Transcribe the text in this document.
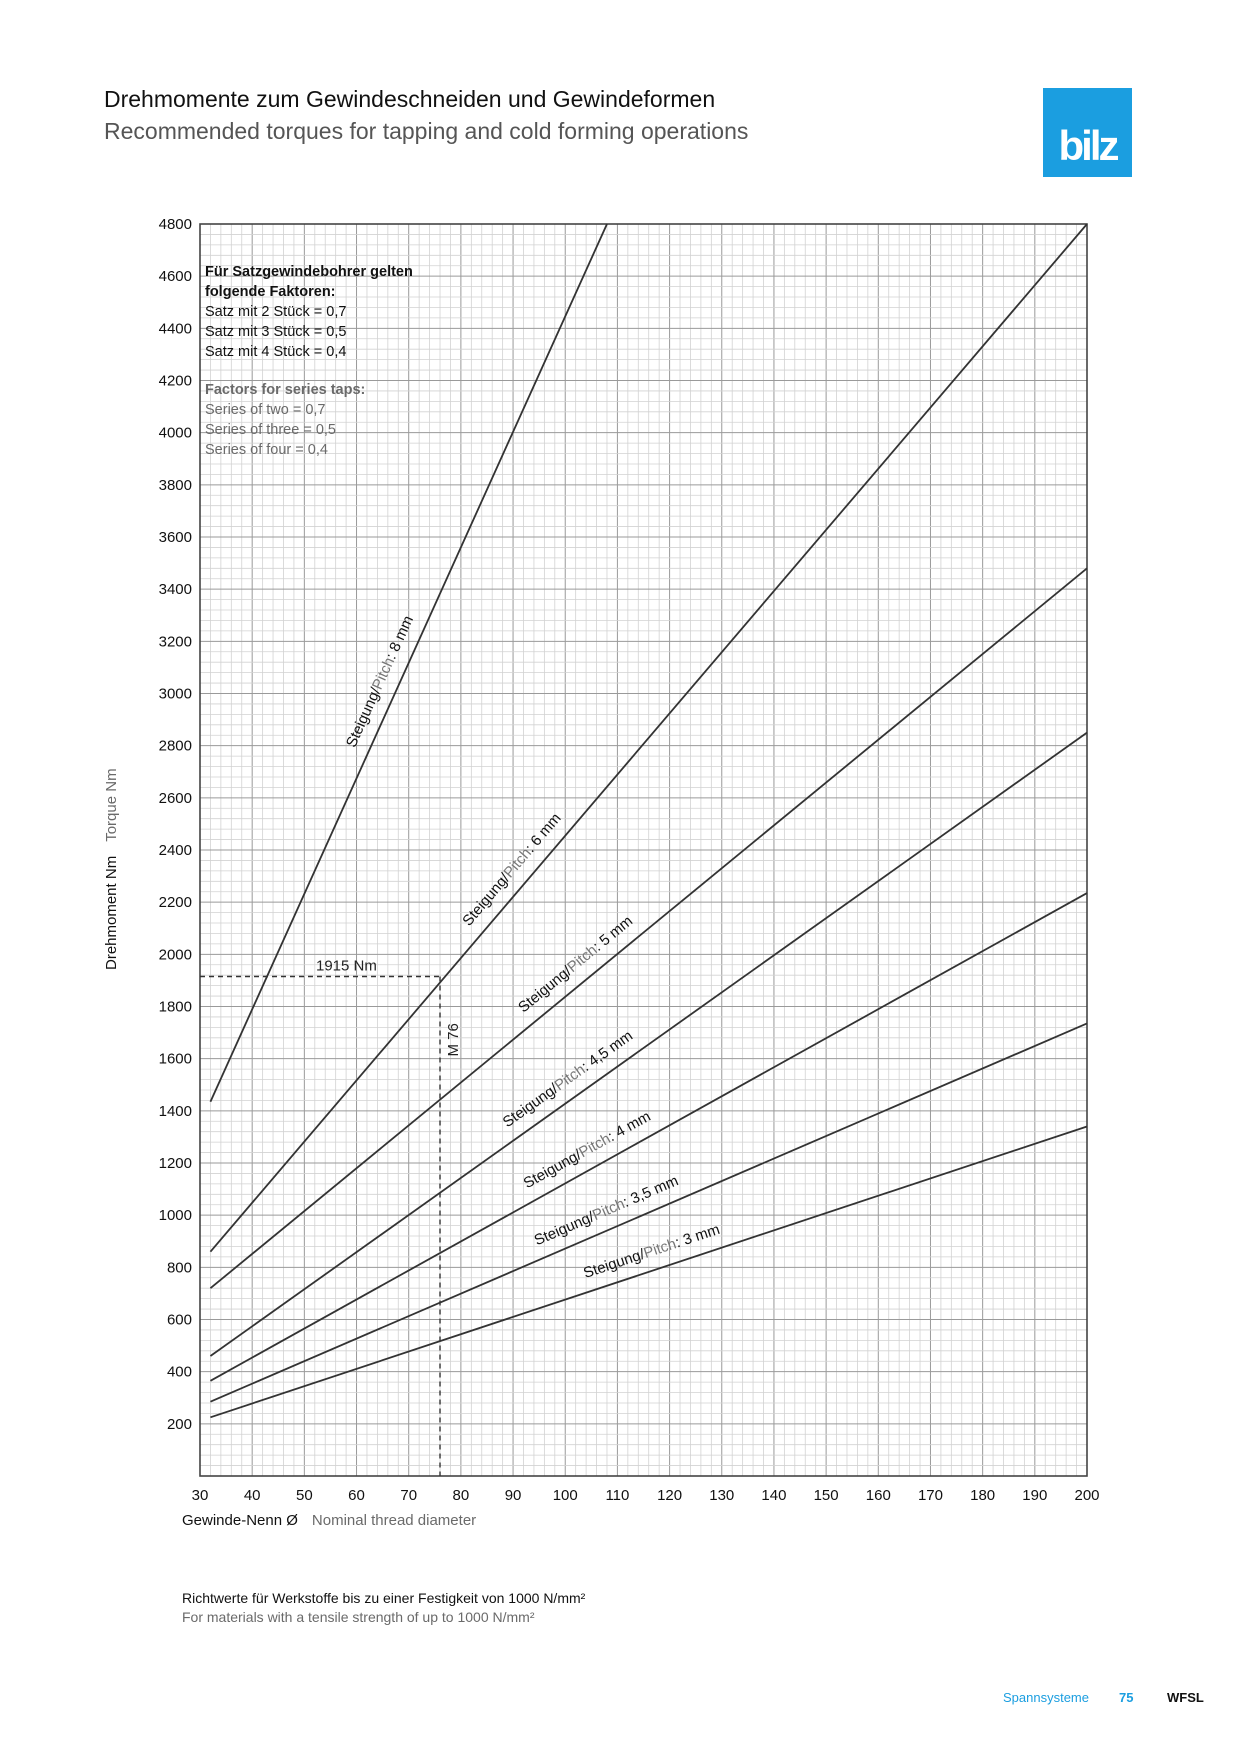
Drehmomente zum Gewindeschneiden und Gewindeformen
Recommended torques for tapping and cold forming operations	bilz
Steigung/Pitch: 8 mm
Steigung/Pitch: 6 mm
Steigung/Pitch: 5 mm
Steigung/Pitch: 4,5 mm
Steigung/Pitch: 4 mm
Steigung/Pitch: 3,5 mm
Steigung/Pitch: 3 mm
1915 Nm
M 76
30 40 50 60 70 80 90 100 110 120 130 140 150 160 170 180 190 200
200
400
600
800
1000
1200
1400
1600
1800
2000
2200
2400
2600
2800
3000
3200
3400
3600
3800
4000
4200
4400
4600
4800
Für Satzgewindebohrer gelten
folgende Faktoren:
Satz mit 2 Stück = 0,7
Satz mit 3 Stück = 0,5
Satz mit 4 Stück = 0,4
Factors for series taps:
Series of two = 0,7
Series of three = 0,5
Series of four = 0,4
Gewinde-Nenn Ø Nominal thread diameter
Drehmoment NmTorque Nm
Richtwerte für Werkstoffe bis zu einer Festigkeit von 1000 N/mm²
For materials with a tensile strength of up to 1000 N/mm²
Spannsysteme 75	WFSL
